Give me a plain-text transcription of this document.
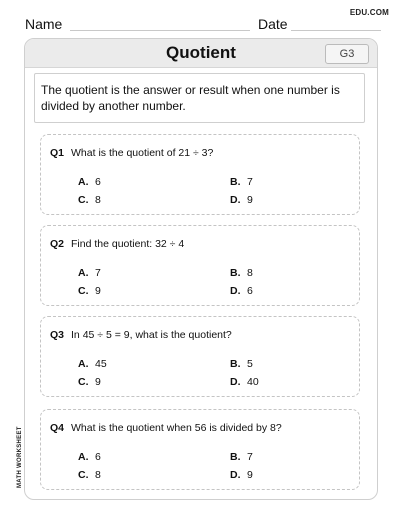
EDU.COM
Name	Date
Quotient	G3
The quotient is the answer or result when one number is divided by another number.
Q1 What is the quotient of 21 ÷ 3?
A. 6	B. 7
C. 8	D. 9
Q2 Find the quotient: 32 ÷ 4
A. 7	B. 8
C. 9	D. 6
Q3 In 45 ÷ 5 = 9, what is the quotient?
A. 45	B. 5
C. 9	D. 40
Q4 What is the quotient when 56 is divided by 8?
A. 6	B. 7
C. 8	D. 9
MATH WORKSHEET
